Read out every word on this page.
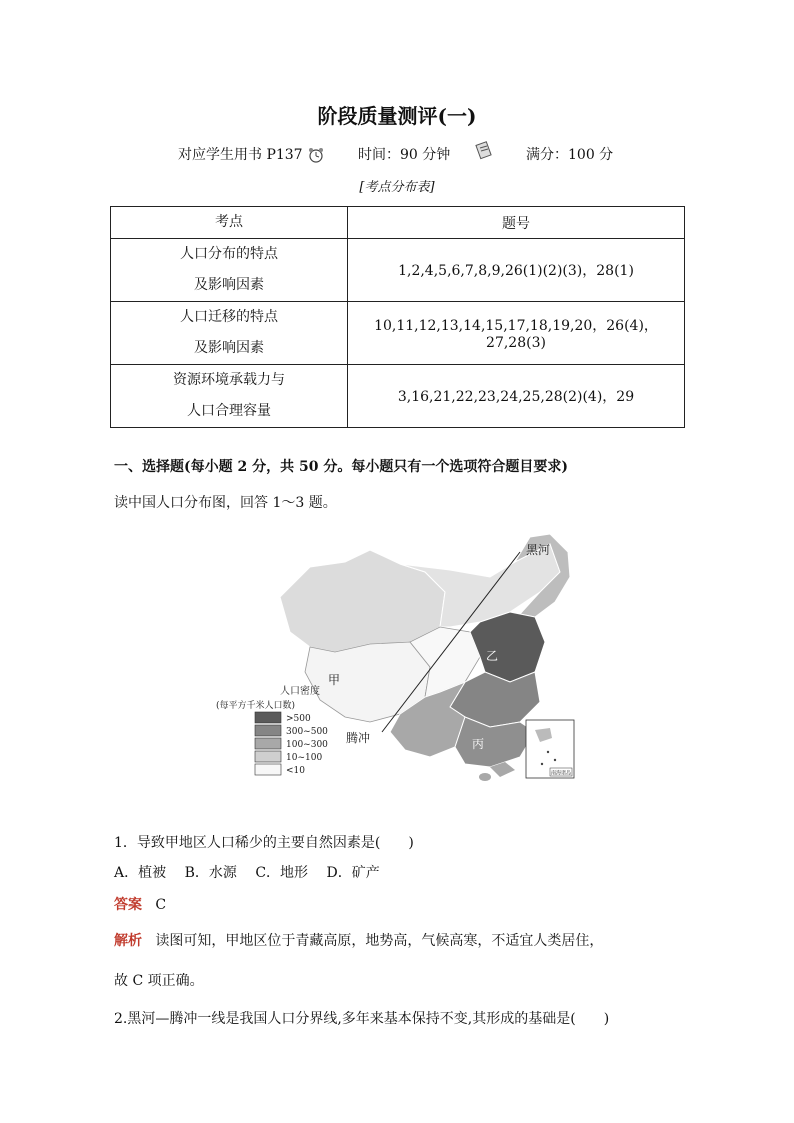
阶段质量测评(一)
对应学生用书 P137	时间：90 分钟	满分：100 分
[考点分布表]
考点	题号

人口分布的特点
及影响因素	1,2,4,5,6,7,8,9,26(1)(2)(3)，28(1)

人口迁移的特点
及影响因素	10,11,12,13,14,15,17,18,19,20，26(4)，27,28(3)

资源环境承载力与
人口合理容量	3,16,21,22,23,24,25,28(2)(4)，29
一、选择题(每小题 2 分，共 50 分。每小题只有一个选项符合题目要求)
读中国人口分布图，回答 1～3 题。
黑河
甲
乙
丙
腾冲
人口密度
(每平方千米人口数)
>500
300~500
100~300
10~100
<10	南海诸岛
1．导致甲地区人口稀少的主要自然因素是(　　)
A．植被 B．水源 C．地形 D．矿产
答案 C
解析 读图可知，甲地区位于青藏高原，地势高，气候高寒，不适宜人类居住，
故 C 项正确。
2.黑河—腾冲一线是我国人口分界线,多年来基本保持不变,其形成的基础是(　　)
